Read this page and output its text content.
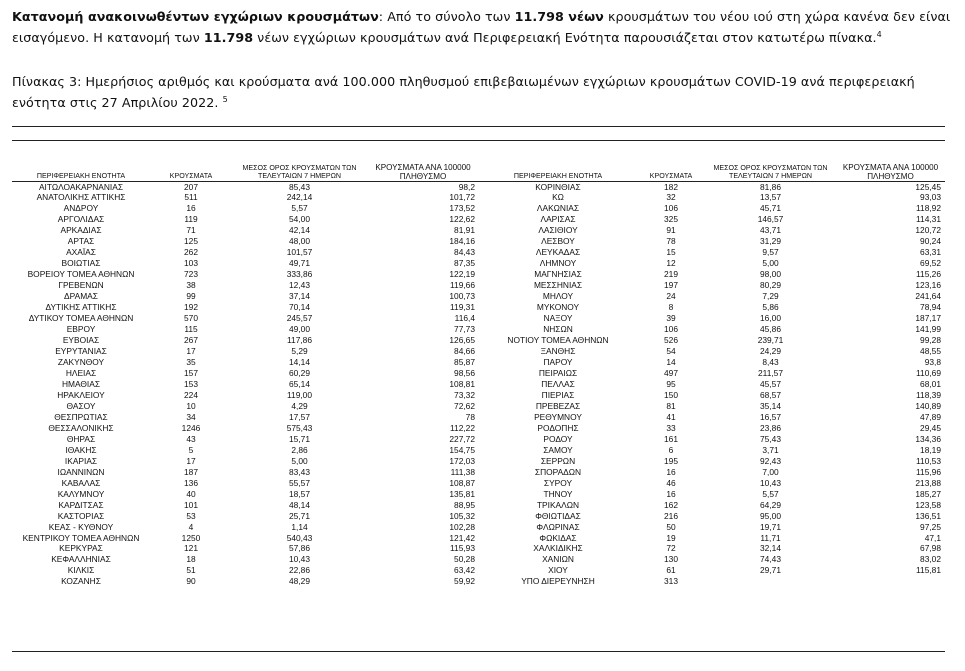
Κατανομή ανακοινωθέντων εγχώριων κρουσμάτων: Από το σύνολο των 11.798 νέων κρουσμάτων του νέου ιού στη χώρα κανένα δεν είναι εισαγόμενο. Η κατανομή των 11.798 νέων εγχώριων κρουσμάτων ανά Περιφερειακή Ενότητα παρουσιάζεται στον κατωτέρω πίνακα.$^4$
Πίνακας 3: Ημερήσιος αριθμός και κρούσματα ανά 100.000 πληθυσμού επιβεβαιωμένων εγχώριων κρουσμάτων COVID-19 ανά περιφερειακή ενότητα στις 27 Απριλίου 2022. $^5$
ΠΕΡΙΦΕΡΕΙΑΚΗ ΕΝΟΤΗΤΑ	ΚΡΟΥΣΜΑΤΑ	ΜΕΣΟΣ ΟΡΟΣ ΚΡΟΥΣΜΑΤΩΝ ΤΩΝ ΤΕΛΕΥΤΑΙΩΝ 7 ΗΜΕΡΩΝ	ΚΡΟΥΣΜΑΤΑ ΑΝΑ 100000 ΠΛΗΘΥΣΜΟ	ΠΕΡΙΦΕΡΕΙΑΚΗ ΕΝΟΤΗΤΑ	ΚΡΟΥΣΜΑΤΑ	ΜΕΣΟΣ ΟΡΟΣ ΚΡΟΥΣΜΑΤΩΝ ΤΩΝ ΤΕΛΕΥΤΑΙΩΝ 7 ΗΜΕΡΩΝ	ΚΡΟΥΣΜΑΤΑ ΑΝΑ 100000 ΠΛΗΘΥΣΜΟ
ΑΙΤΩΛΟΑΚΑΡΝΑΝΙΑΣ	207	85,43	98,2	ΚΟΡΙΝΘΙΑΣ	182	81,86	125,45
ΑΝΑΤΟΛΙΚΗΣ ΑΤΤΙΚΗΣ	511	242,14	101,72	ΚΩ	32	13,57	93,03
ΑΝΔΡΟΥ	16	5,57	173,52	ΛΑΚΩΝΙΑΣ	106	45,71	118,92
ΑΡΓΟΛΙΔΑΣ	119	54,00	122,62	ΛΑΡΙΣΑΣ	325	146,57	114,31
ΑΡΚΑΔΙΑΣ	71	42,14	81,91	ΛΑΣΙΘΙΟΥ	91	43,71	120,72
ΑΡΤΑΣ	125	48,00	184,16	ΛΕΣΒΟΥ	78	31,29	90,24
ΑΧΑΪΑΣ	262	101,57	84,43	ΛΕΥΚΑΔΑΣ	15	9,57	63,31
ΒΟΙΩΤΙΑΣ	103	49,71	87,35	ΛΗΜΝΟΥ	12	5,00	69,52
ΒΟΡΕΙΟΥ ΤΟΜΕΑ ΑΘΗΝΩΝ	723	333,86	122,19	ΜΑΓΝΗΣΙΑΣ	219	98,00	115,26
ΓΡΕΒΕΝΩΝ	38	12,43	119,66	ΜΕΣΣΗΝΙΑΣ	197	80,29	123,16
ΔΡΑΜΑΣ	99	37,14	100,73	ΜΗΛΟΥ	24	7,29	241,64
ΔΥΤΙΚΗΣ ΑΤΤΙΚΗΣ	192	70,14	119,31	ΜΥΚΟΝΟΥ	8	5,86	78,94
ΔΥΤΙΚΟΥ ΤΟΜΕΑ ΑΘΗΝΩΝ	570	245,57	116,4	ΝΑΞΟΥ	39	16,00	187,17
ΕΒΡΟΥ	115	49,00	77,73	ΝΗΣΩΝ	106	45,86	141,99
ΕΥΒΟΙΑΣ	267	117,86	126,65	ΝΟΤΙΟΥ ΤΟΜΕΑ ΑΘΗΝΩΝ	526	239,71	99,28
ΕΥΡΥΤΑΝΙΑΣ	17	5,29	84,66	ΞΑΝΘΗΣ	54	24,29	48,55
ΖΑΚΥΝΘΟΥ	35	14,14	85,87	ΠΑΡΟΥ	14	8,43	93,8
ΗΛΕΙΑΣ	157	60,29	98,56	ΠΕΙΡΑΙΩΣ	497	211,57	110,69
ΗΜΑΘΙΑΣ	153	65,14	108,81	ΠΕΛΛΑΣ	95	45,57	68,01
ΗΡΑΚΛΕΙΟΥ	224	119,00	73,32	ΠΙΕΡΙΑΣ	150	68,57	118,39
ΘΑΣΟΥ	10	4,29	72,62	ΠΡΕΒΕΖΑΣ	81	35,14	140,89
ΘΕΣΠΡΩΤΙΑΣ	34	17,57	78	ΡΕΘΥΜΝΟΥ	41	16,57	47,89
ΘΕΣΣΑΛΟΝΙΚΗΣ	1246	575,43	112,22	ΡΟΔΟΠΗΣ	33	23,86	29,45
ΘΗΡΑΣ	43	15,71	227,72	ΡΟΔΟΥ	161	75,43	134,36
ΙΘΑΚΗΣ	5	2,86	154,75	ΣΑΜΟΥ	6	3,71	18,19
ΙΚΑΡΙΑΣ	17	5,00	172,03	ΣΕΡΡΩΝ	195	92,43	110,53
ΙΩΑΝΝΙΝΩΝ	187	83,43	111,38	ΣΠΟΡΑΔΩΝ	16	7,00	115,96
ΚΑΒΑΛΑΣ	136	55,57	108,87	ΣΥΡΟΥ	46	10,43	213,88
ΚΑΛΥΜΝΟΥ	40	18,57	135,81	ΤΗΝΟΥ	16	5,57	185,27
ΚΑΡΔΙΤΣΑΣ	101	48,14	88,95	ΤΡΙΚΑΛΩΝ	162	64,29	123,58
ΚΑΣΤΟΡΙΑΣ	53	25,71	105,32	ΦΘΙΩΤΙΔΑΣ	216	95,00	136,51
ΚΕΑΣ - ΚΥΘΝΟΥ	4	1,14	102,28	ΦΛΩΡΙΝΑΣ	50	19,71	97,25
ΚΕΝΤΡΙΚΟΥ ΤΟΜΕΑ ΑΘΗΝΩΝ	1250	540,43	121,42	ΦΩΚΙΔΑΣ	19	11,71	47,1
ΚΕΡΚΥΡΑΣ	121	57,86	115,93	ΧΑΛΚΙΔΙΚΗΣ	72	32,14	67,98
ΚΕΦΑΛΛΗΝΙΑΣ	18	10,43	50,28	ΧΑΝΙΩΝ	130	74,43	83,02
ΚΙΛΚΙΣ	51	22,86	63,42	ΧΙΟΥ	61	29,71	115,81
ΚΟΖΑΝΗΣ	90	48,29	59,92	ΥΠΟ ΔΙΕΡΕΥΝΗΣΗ	313		
